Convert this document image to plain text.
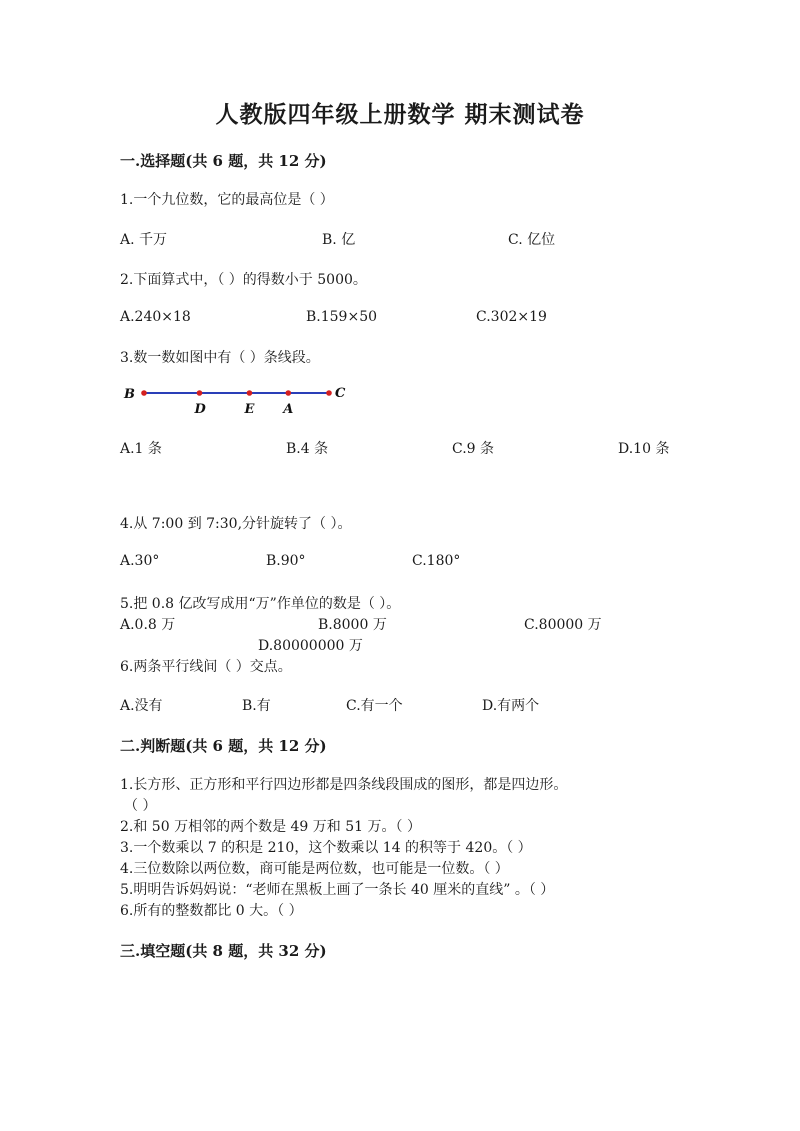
人教版四年级上册数学 期末测试卷
一.选择题(共 6 题，共 12 分)
1.一个九位数，它的最高位是（ ）
A. 千万	B. 亿	C. 亿位
2.下面算式中，（ ）的得数小于 5000。
A.240×18	B.159×50	C.302×19
3.数一数如图中有（ ）条线段。
B
D	E A
C
A.1 条	B.4 条	C.9 条	D.10 条
4.从 7:00 到 7:30,分针旋转了（ ）。
A.30°	B.90°	C.180°
5.把 0.8 亿改写成用“万”作单位的数是（ ）。
A.0.8 万	B.8000 万	C.80000 万
D.80000000 万
6.两条平行线间（ ）交点。
A.没有	B.有	C.有一个	D.有两个
二.判断题(共 6 题，共 12 分)
1.长方形、正方形和平行四边形都是四条线段围成的图形，都是四边形。
（ ）
2.和 50 万相邻的两个数是 49 万和 51 万。（ ）
3.一个数乘以 7 的积是 210，这个数乘以 14 的积等于 420。（ ）
4.三位数除以两位数，商可能是两位数，也可能是一位数。（ ）
5.明明告诉妈妈说：“老师在黑板上画了一条长 40 厘米的直线” 。（ ）
6.所有的整数都比 0 大。（ ）
三.填空题(共 8 题，共 32 分)
